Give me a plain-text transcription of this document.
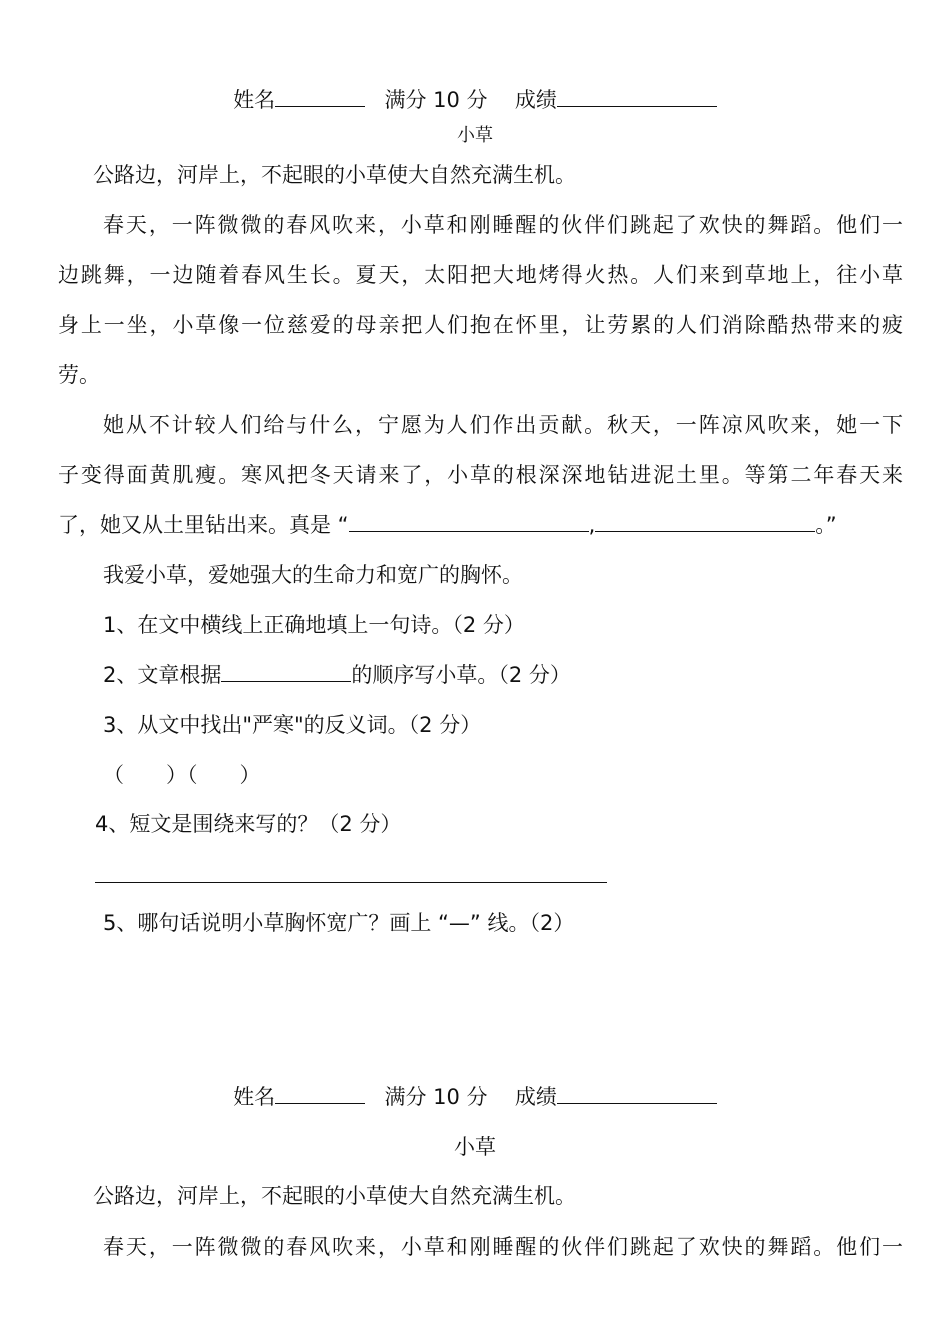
姓名	满分 10 分 成绩
小草
公路边，河岸上，不起眼的小草使大自然充满生机。
春天，一阵微微的春风吹来，小草和刚睡醒的伙伴们跳起了欢快的舞蹈。他们一
边跳舞，一边随着春风生长。夏天，太阳把大地烤得火热。人们来到草地上，往小草
身上一坐，小草像一位慈爱的母亲把人们抱在怀里，让劳累的人们消除酷热带来的疲
劳。
她从不计较人们给与什么，宁愿为人们作出贡献。秋天，一阵凉风吹来，她一下
子变得面黄肌瘦。寒风把冬天请来了，小草的根深深地钻进泥土里。等第二年春天来
了，她又从土里钻出来。真是 “	,	。”
我爱小草，爱她强大的生命力和宽广的胸怀。
1、在文中横线上正确地填上一句诗。（2 分）
2、文章根据	的顺序写小草。（2 分）
3、从文中找出"严寒"的反义词。（2 分）
（ ）（ ）
4、短文是围绕来写的？（2 分）
5、哪句话说明小草胸怀宽广？画上 “—” 线。（2）
姓名	满分 10 分 成绩
小草
公路边，河岸上，不起眼的小草使大自然充满生机。
春天，一阵微微的春风吹来，小草和刚睡醒的伙伴们跳起了欢快的舞蹈。他们一
